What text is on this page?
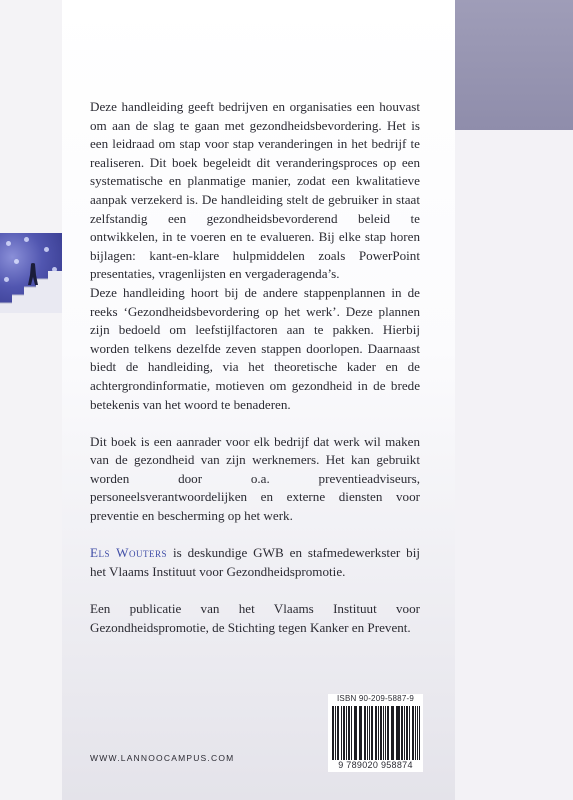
Deze handleiding geeft bedrijven en organisaties een houvast om aan de slag te gaan met gezondheidsbevordering. Het is een leidraad om stap voor stap veranderingen in het bedrijf te realiseren. Dit boek begeleidt dit veranderingsproces op een systematische en planmatige manier, zodat een kwalitatieve aanpak verzekerd is. De handleiding stelt de gebruiker in staat zelfstandig een gezondheidsbevorderend beleid te ontwikkelen, in te voeren en te evalueren. Bij elke stap horen bijlagen: kant-en-klare hulpmiddelen zoals PowerPoint presentaties, vragenlijsten en vergaderagenda’s.

Deze handleiding hoort bij de andere stappenplannen in de reeks ‘Gezondheidsbevordering op het werk’. Deze plannen zijn bedoeld om leefstijlfactoren aan te pakken. Hierbij worden telkens dezelfde zeven stappen doorlopen. Daarnaast biedt de handleiding, via het theoretische kader en de achtergrondinformatie, motieven om gezondheid in de brede betekenis van het woord te benaderen.

Dit boek is een aanrader voor elk bedrijf dat werk wil maken van de gezondheid van zijn werknemers. Het kan gebruikt worden door o.a. preventieadviseurs, personeelsverantwoordelijken en externe diensten voor preventie en bescherming op het werk.

Els Wouters is deskundige GWB en stafmedewerkster bij het Vlaams Instituut voor Gezondheidspromotie.

Een publicatie van het Vlaams Instituut voor Gezondheidspromotie, de Stichting tegen Kanker en Prevent.

ISBN 90-209-5887-9
9 789020 958874
WWW.LANNOOCAMPUS.COM
